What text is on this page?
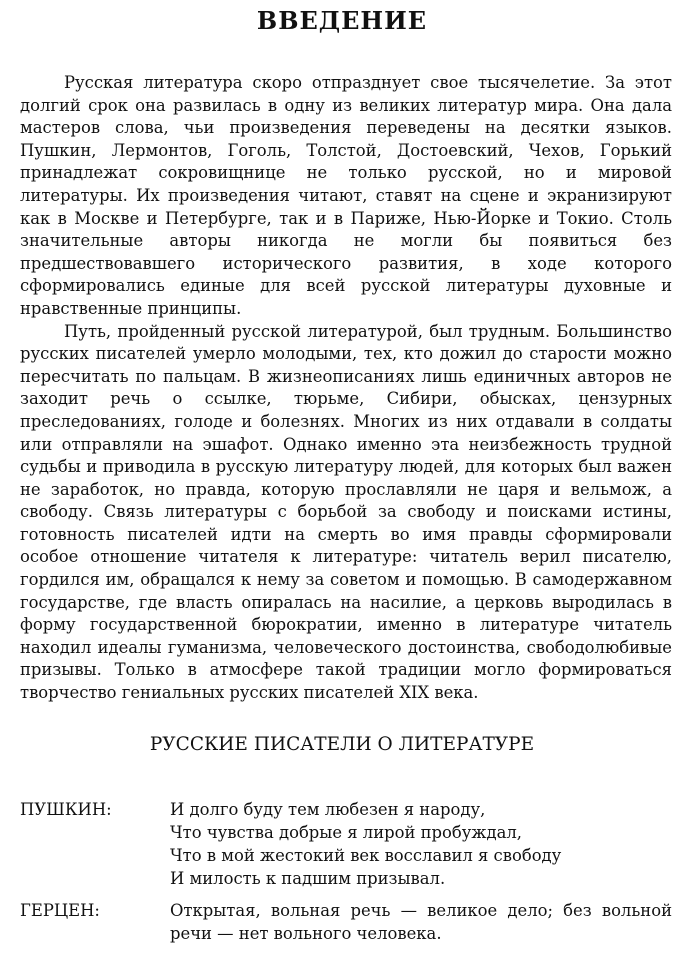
ВВЕДЕНИЕ

Русская литература скоро отпразднует свое тысячелетие. За этот долгий срок она развилась в одну из великих литератур мира. Она дала мастеров слова, чьи произведения переведены на десятки языков. Пушкин, Лермонтов, Гоголь, Толстой, Достоевский, Чехов, Горький принадлежат сокровищнице не только русской, но и мировой литературы. Их произведения читают, ставят на сцене и экранизируют как в Москве и Петербурге, так и в Париже, Нью-Йорке и Токио. Столь значительные авторы никогда не могли бы появиться без предшествовавшего исторического развития, в ходе которого сформировались единые для всей русской литературы духовные и нравственные принципы.

Путь, пройденный русской литературой, был трудным. Большинство русских писателей умерло молодыми, тех, кто дожил до старости можно пересчитать по пальцам. В жизнеописаниях лишь единичных авторов не заходит речь о ссылке, тюрьме, Сибири, обысках, цензурных преследованиях, голоде и болезнях. Многих из них отдавали в солдаты или отправляли на эшафот. Однако именно эта неизбежность трудной судьбы и приводила в русскую литературу людей, для которых был важен не заработок, но правда, которую прославляли не царя и вельмож, а свободу. Связь литературы с борьбой за свободу и поисками истины, готовность писателей идти на смерть во имя правды сформировали особое отношение читателя к литературе: читатель верил писателю, гордился им, обращался к нему за советом и помощью. В самодержавном государстве, где власть опиралась на насилие, а церковь выродилась в форму государственной бюрократии, именно в литературе читатель находил идеалы гуманизма, человеческого достоинства, свободолюбивые призывы. Только в атмосфере такой традиции могло формироваться творчество гениальных русских писателей XIX века.

РУССКИЕ ПИСАТЕЛИ О ЛИТЕРАТУРЕ
ПУШКИН:	И долго буду тем любезен я народу,
Что чувства добрые я лирой пробуждал,
Что в мой жестокий век восславил я свободу
И милость к падшим призывал.
ГЕРЦЕН:	Открытая, вольная речь — великое дело; без вольной речи — нет вольного человека.
